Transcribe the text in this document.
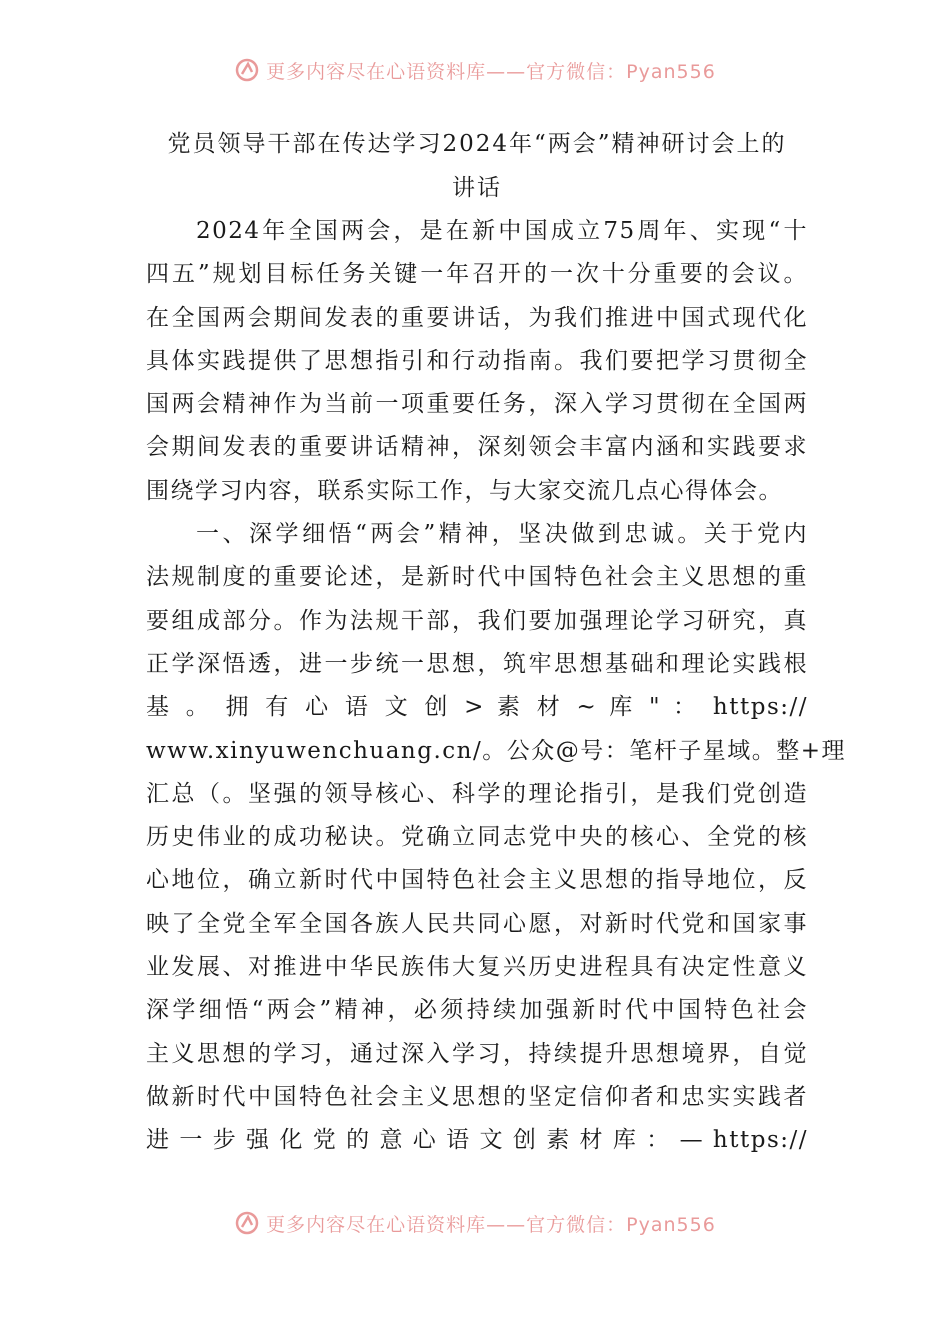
更多内容尽在心语资料库——官方微信：Pyan556

党员领导干部在传达学习2024年“两会”精神研讨会上的

讲话

2024年全国两会，是在新中国成立75周年、实现“十
四五”规划目标任务关键一年召开的一次十分重要的会议。
在全国两会期间发表的重要讲话，为我们推进中国式现代化
具体实践提供了思想指引和行动指南。我们要把学习贯彻全
国两会精神作为当前一项重要任务，深入学习贯彻在全国两
会期间发表的重要讲话精神，深刻领会丰富内涵和实践要求
围绕学习内容，联系实际工作，与大家交流几点心得体会。

一、深学细悟“两会”精神，坚决做到忠诚。关于党内
法规制度的重要论述，是新时代中国特色社会主义思想的重
要组成部分。作为法规干部，我们要加强理论学习研究，真
正学深悟透，进一步统一思想，筑牢思想基础和理论实践根
基 。 拥 有 心 语 文 创 > 素 材 ~ 库 " ： https://
www.xinyuwenchuang.cn/。公众@号：笔杆子星域。整+理
汇总（。坚强的领导核心、科学的理论指引，是我们党创造
历史伟业的成功秘诀。党确立同志党中央的核心、全党的核
心地位，确立新时代中国特色社会主义思想的指导地位，反
映了全党全军全国各族人民共同心愿，对新时代党和国家事
业发展、对推进中华民族伟大复兴历史进程具有决定性意义
深学细悟“两会”精神，必须持续加强新时代中国特色社会
主义思想的学习，通过深入学习，持续提升思想境界，自觉
做新时代中国特色社会主义思想的坚定信仰者和忠实实践者
进 一 步 强 化 党 的 意 心 语 文 创 素 材 库 ： — https://

更多内容尽在心语资料库——官方微信：Pyan556
